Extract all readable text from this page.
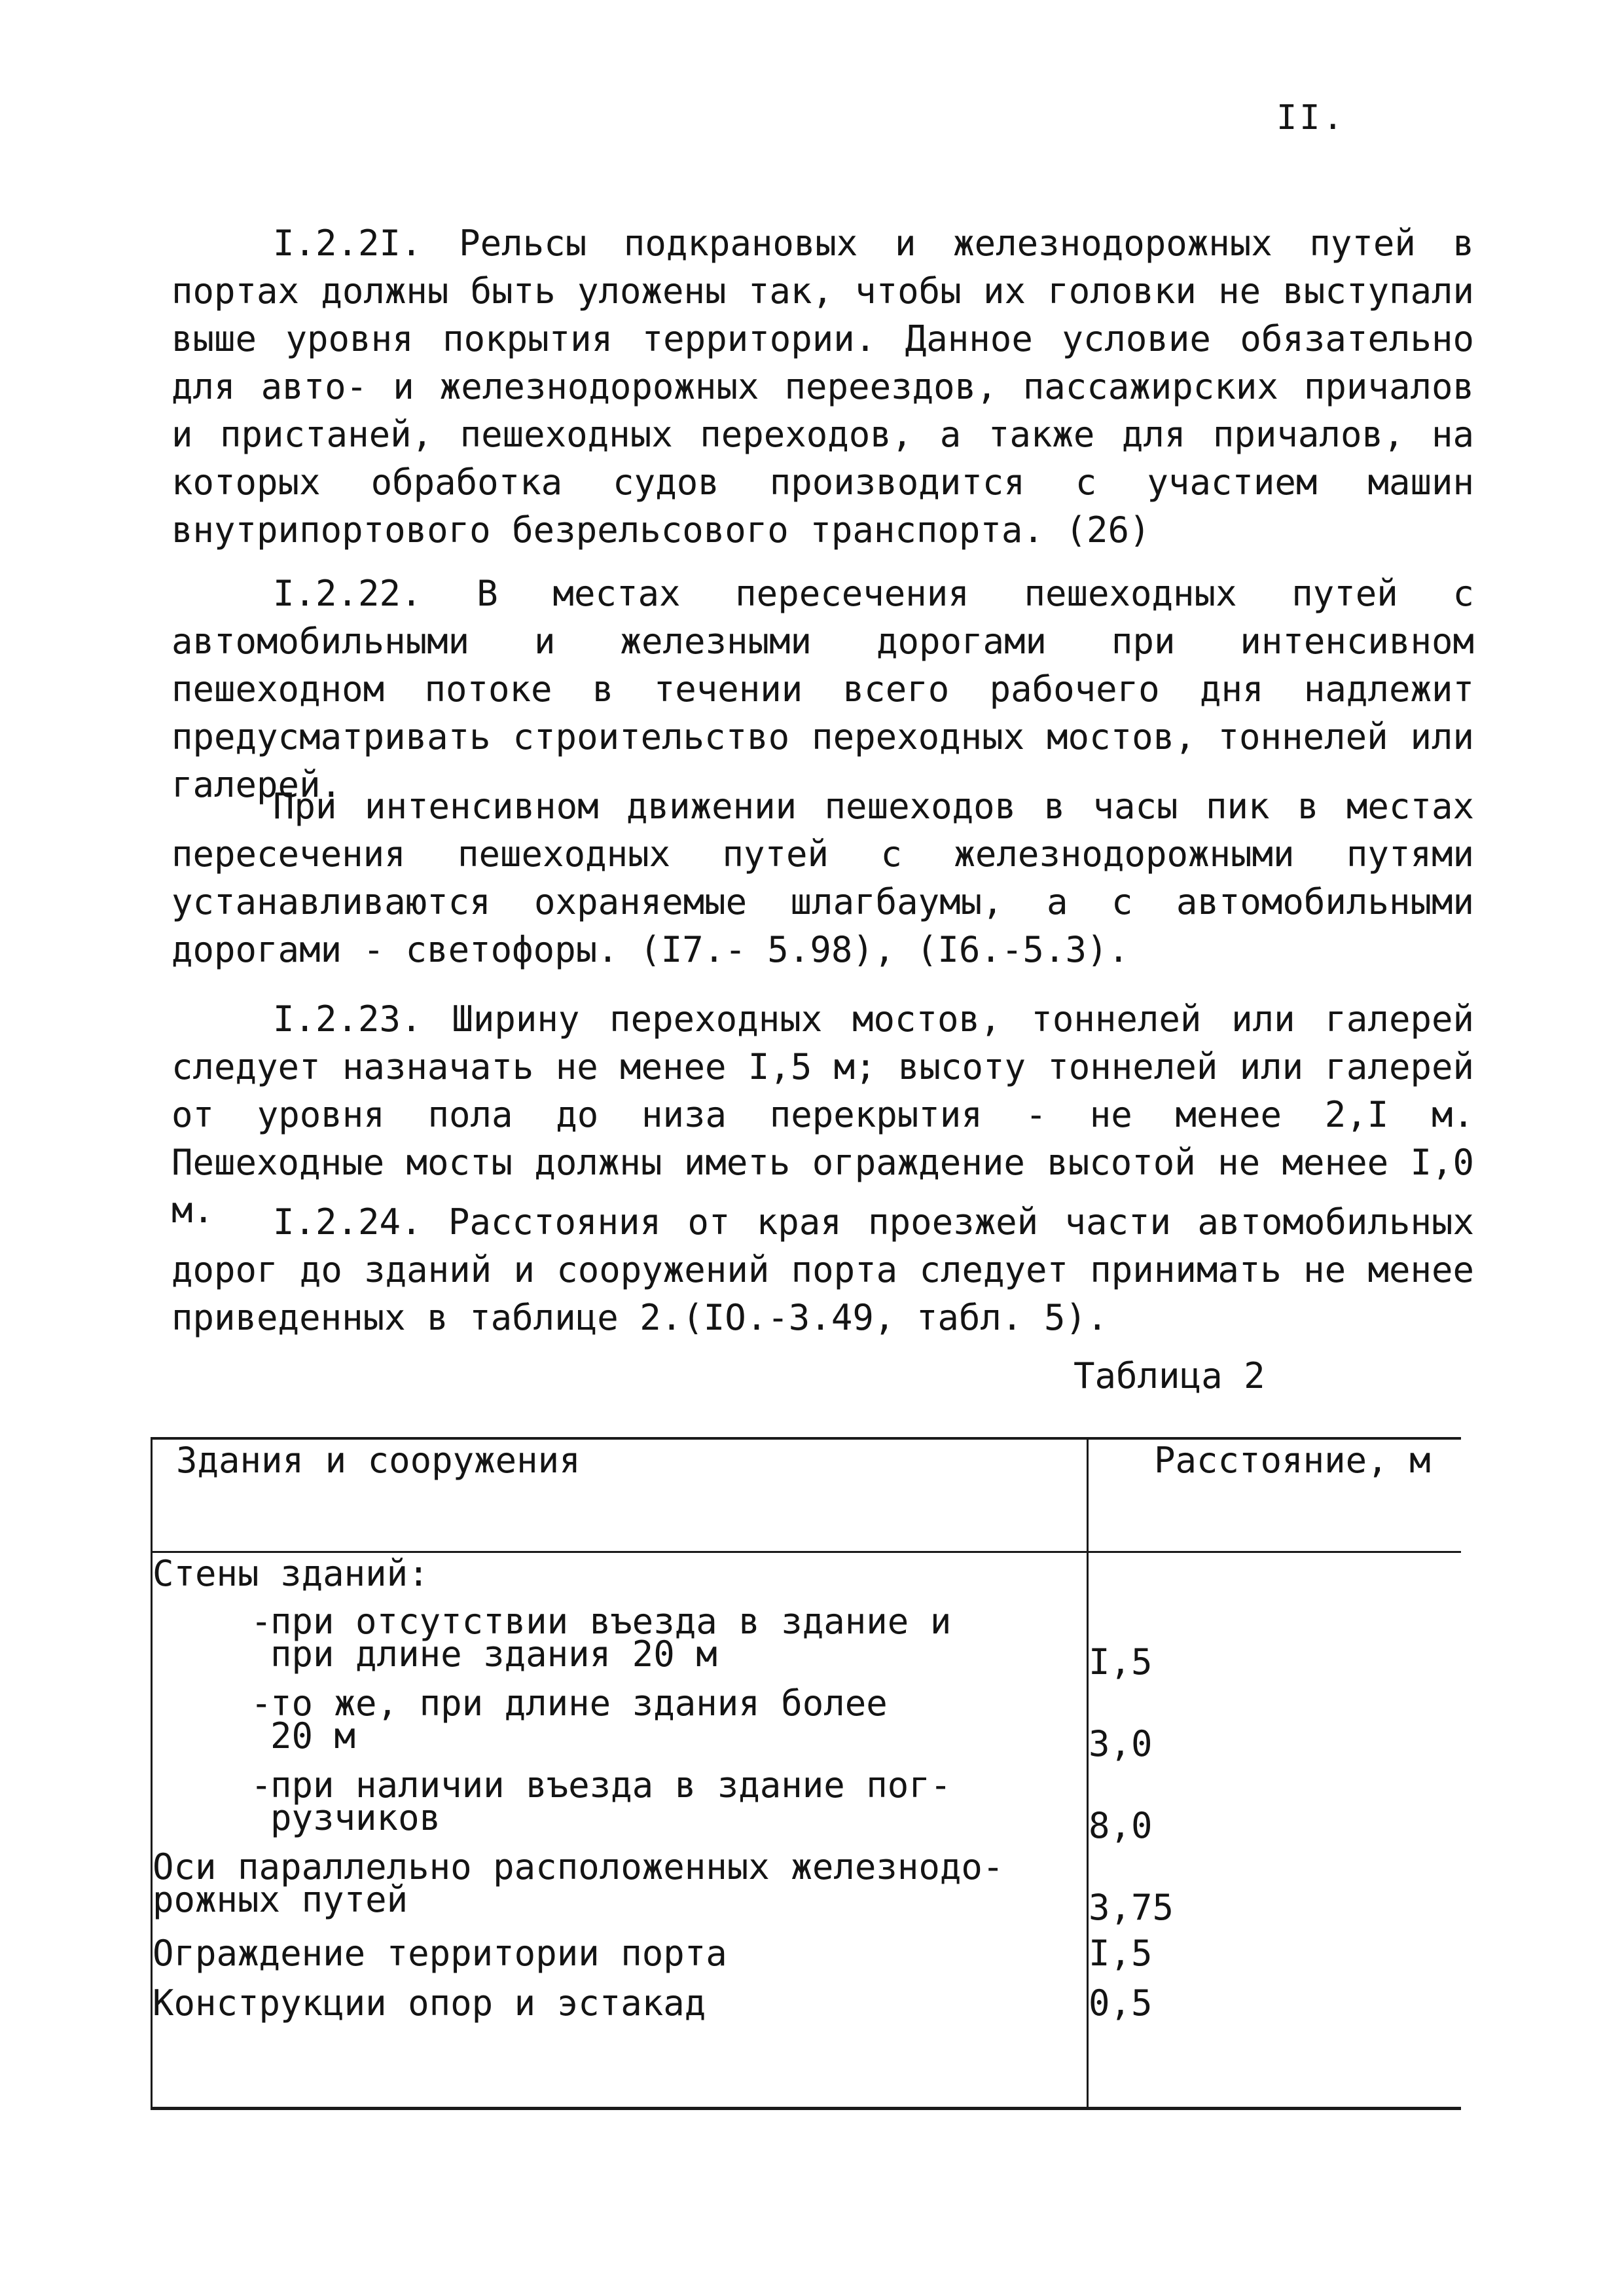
II.
I.2.2I. Рельсы подкрановых и железнодорожных путей в портах должны быть уложены так, чтобы их головки не выступали выше уровня покрытия территории. Данное условие обязательно для авто- и железнодорожных переездов, пассажирских причалов и пристаней, пешеходных переходов, а также для причалов, на которых обработка судов производится с участием машин внутрипортового безрельсового транспорта. (26)
I.2.22. В местах пересечения пешеходных путей с автомобильными и железными дорогами при интенсивном пешеходном потоке в течении всего рабочего дня надлежит предусматривать строительство переходных мостов, тоннелей или галерей.
При интенсивном движении пешеходов в часы пик в местах пересечения пешеходных путей с железнодорожными путями устанавливаются охраняемые шлагбаумы, а с автомобильными дорогами - светофоры. (I7.- 5.98), (I6.-5.3).
I.2.23. Ширину переходных мостов, тоннелей или галерей следует назначать не менее I,5 м; высоту тоннелей или галерей от уровня пола до низа перекрытия - не менее 2,I м. Пешеходные мосты должны иметь ограждение высотой не менее I,0 м.	I.2.24. Расстояния от края проезжей части автомобильных дорог до зданий и сооружений порта следует принимать не менее приведенных в таблице 2.(IO.-3.49, табл. 5).
Таблица 2
Здания и сооружения	Расстояние, м
Стены зданий:	

-
при отсутствии въезда в здание и
при длине здания 20 м	I,5

-
то же, при длине здания более
20 м	3,0

-
при наличии въезда в здание пог-
рузчиков	8,0

Оси параллельно расположенных железнодо-
рожных путей	3,75

Ограждение территории порта	I,5
Конструкции опор и эстакад	0,5
